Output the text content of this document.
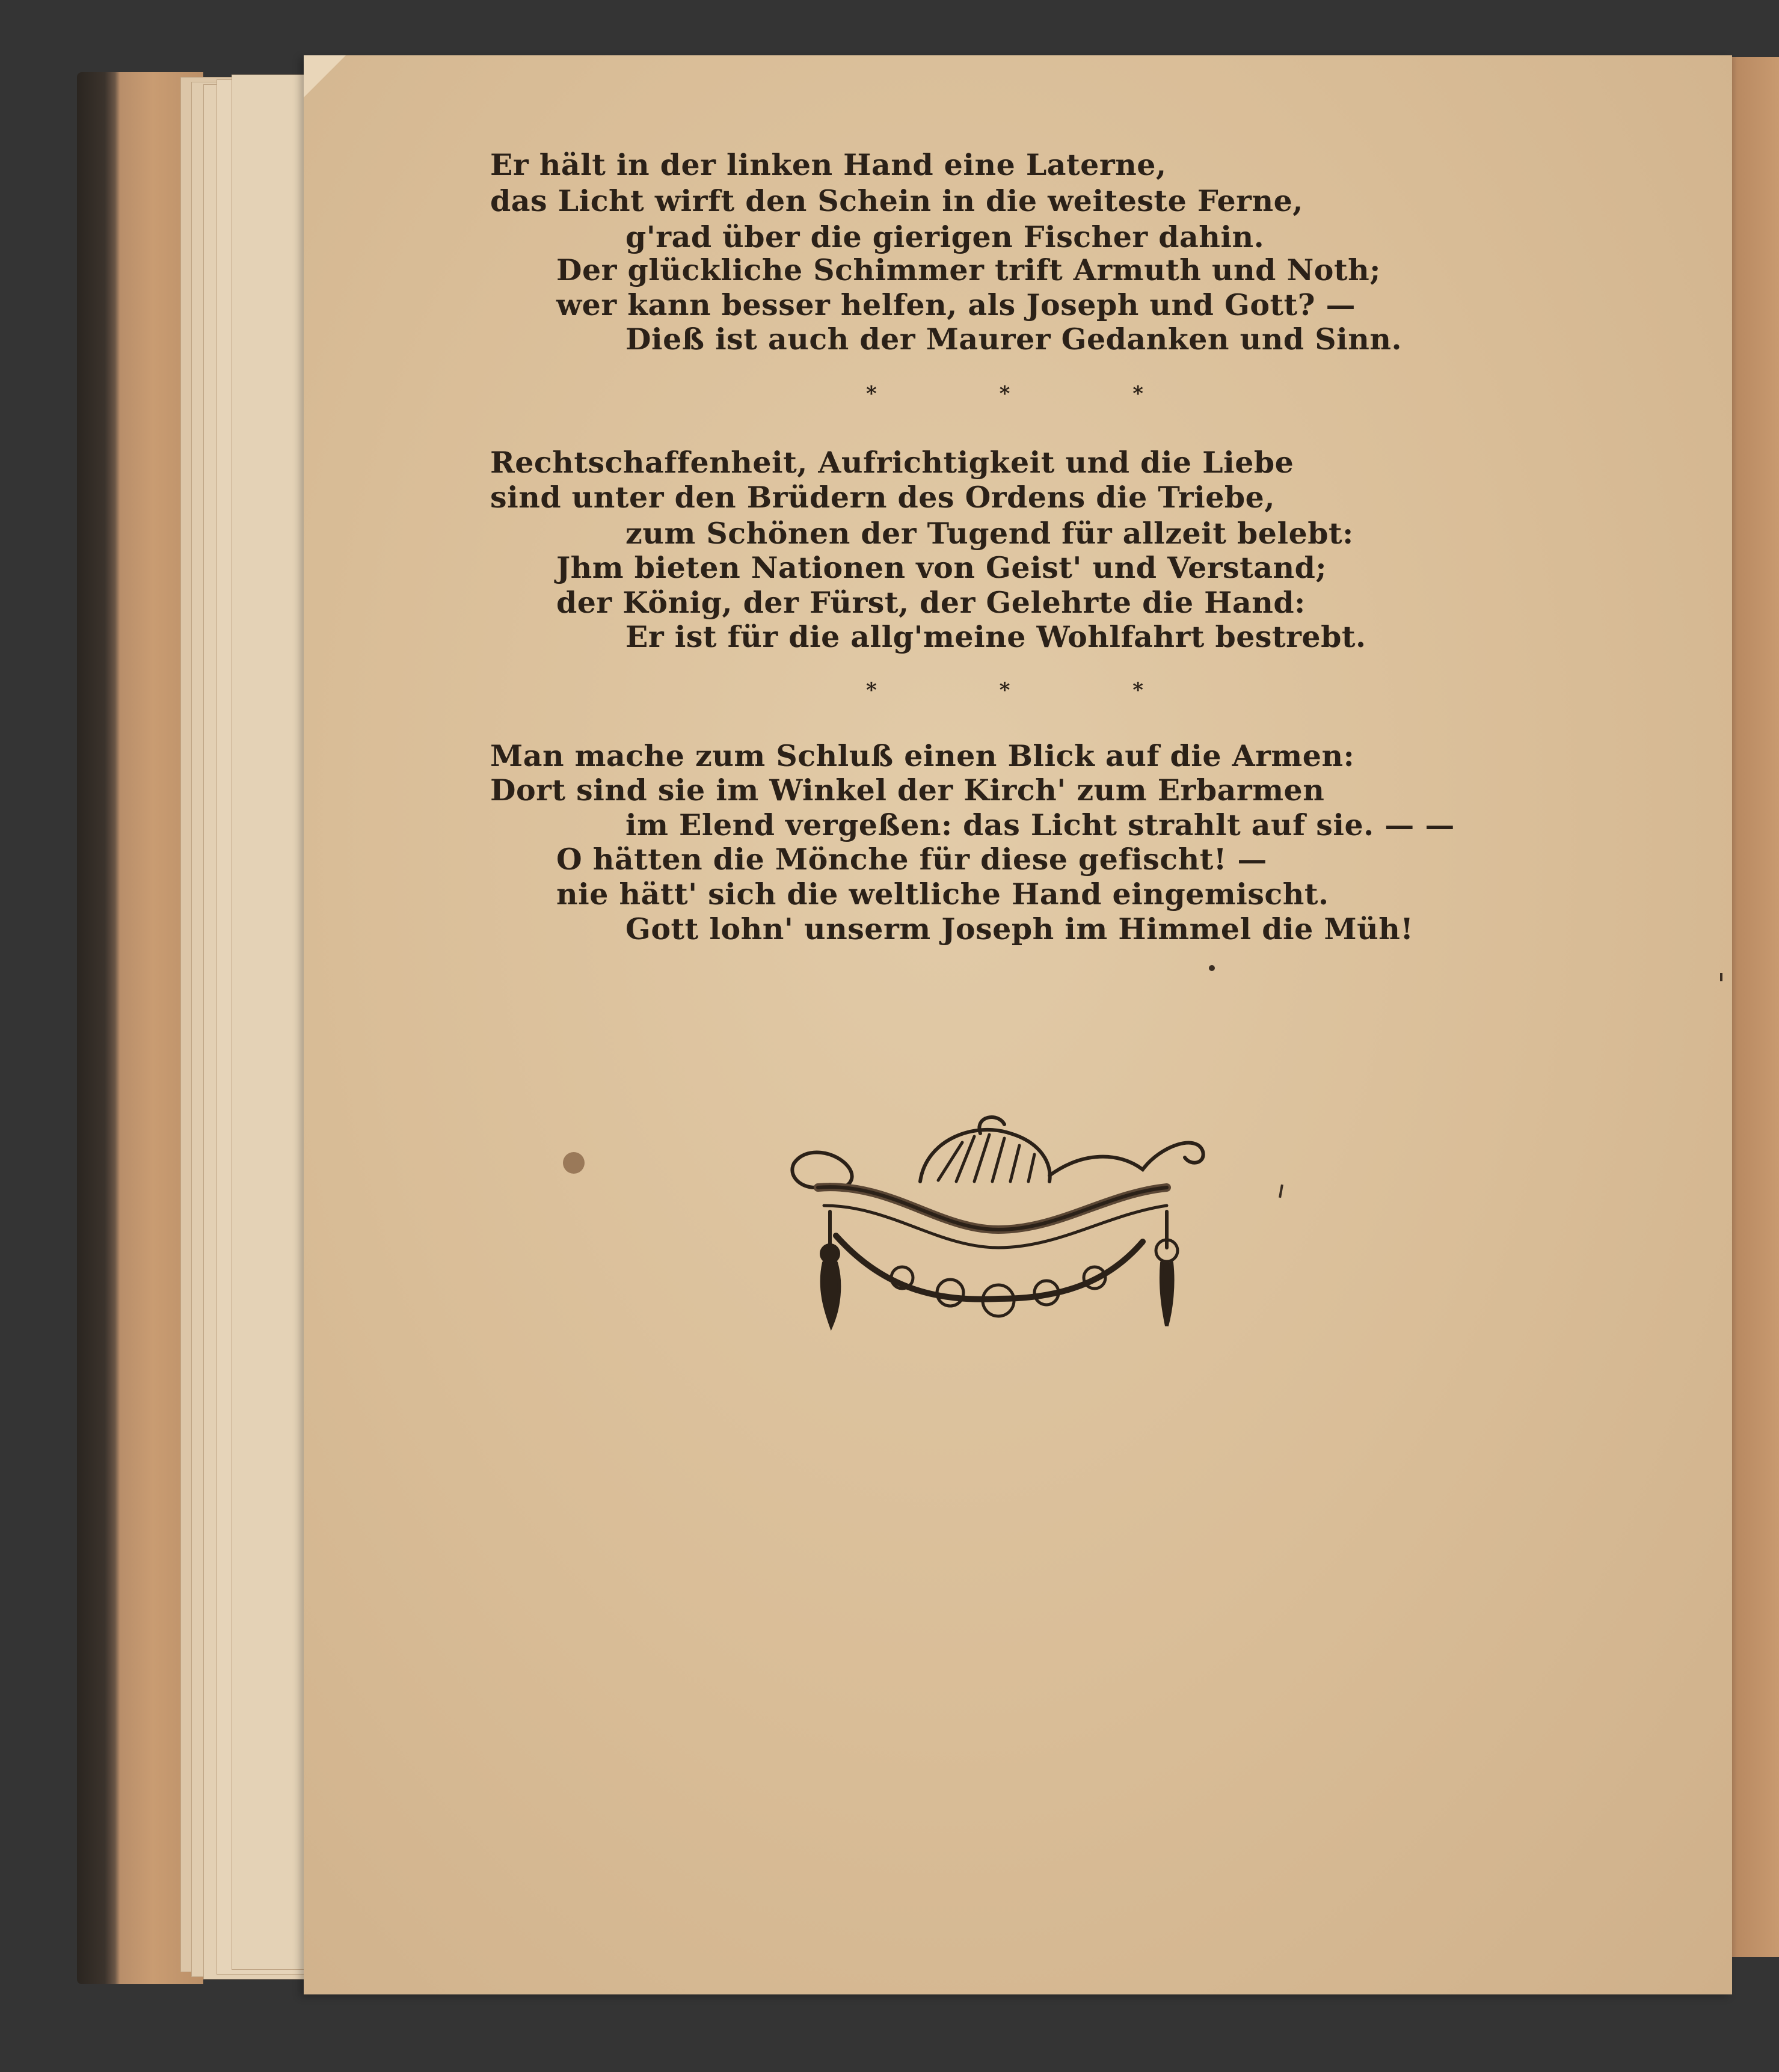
Er hält in der linken Hand eine Laterne,

das Licht wirft den Schein in die weiteste Ferne,

g'rad über die gierigen Fischer dahin.

Der glückliche Schimmer trift Armuth und Noth;

wer kann besser helfen, als Joseph und Gott? —

Dieß ist auch der Maurer Gedanken und Sinn.

* * *

Rechtschaffenheit, Aufrichtigkeit und die Liebe

sind unter den Brüdern des Ordens die Triebe,

zum Schönen der Tugend für allzeit belebt:

Jhm bieten Nationen von Geist' und Verstand;

der König, der Fürst, der Gelehrte die Hand:

Er ist für die allg'meine Wohlfahrt bestrebt.

* * *

Man mache zum Schluß einen Blick auf die Armen:

Dort sind sie im Winkel der Kirch' zum Erbarmen

im Elend vergeßen: das Licht strahlt auf sie. — —

O hätten die Mönche für diese gefischt! —

nie hätt' sich die weltliche Hand eingemischt.

Gott lohn' unserm Joseph im Himmel die Müh!
